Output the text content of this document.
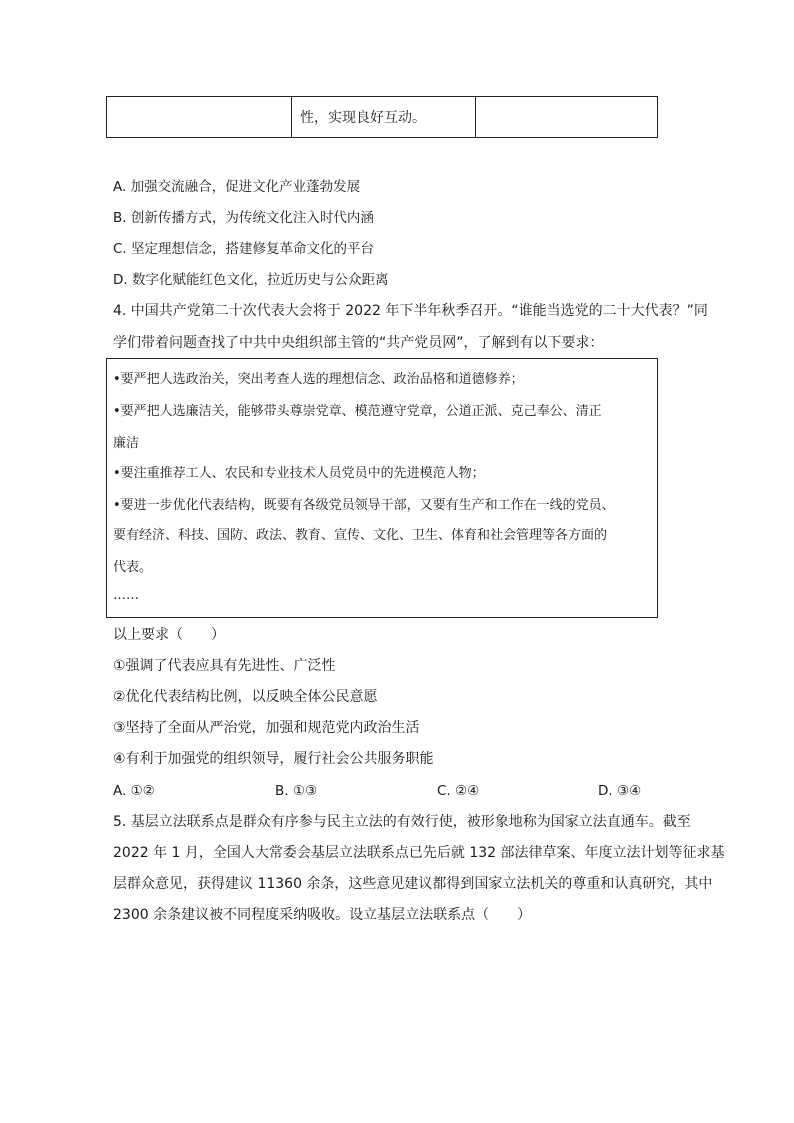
	性，实现良好互动。	
A. 加强交流融合，促进文化产业蓬勃发展
B. 创新传播方式，为传统文化注入时代内涵
C. 坚定理想信念，搭建修复革命文化的平台
D. 数字化赋能红色文化，拉近历史与公众距离
4. 中国共产党第二十次代表大会将于 2022 年下半年秋季召开。“谁能当选党的二十大代表？”同
学们带着问题查找了中共中央组织部主管的“共产党员网”，了解到有以下要求：
•要严把人选政治关，突出考查人选的理想信念、政治品格和道德修养；
•要严把人选廉洁关，能够带头尊崇党章、模范遵守党章，公道正派、克己奉公、清正
廉洁
•要注重推荐工人、农民和专业技术人员党员中的先进模范人物；
•要进一步优化代表结构，既要有各级党员领导干部，又要有生产和工作在一线的党员、
要有经济、科技、国防、政法、教育、宣传、文化、卫生、体育和社会管理等各方面的
代表。
……
以上要求（　　）
①强调了代表应具有先进性、广泛性
②优化代表结构比例，以反映全体公民意愿
③坚持了全面从严治党，加强和规范党内政治生活
④有利于加强党的组织领导，履行社会公共服务职能
A. ①②	B. ①③	C. ②④	D. ③④
5. 基层立法联系点是群众有序参与民主立法的有效行使，被形象地称为国家立法直通车。截至
2022 年 1 月，全国人大常委会基层立法联系点已先后就 132 部法律草案、年度立法计划等征求基
层群众意见，获得建议 11360 余条，这些意见建议都得到国家立法机关的尊重和认真研究，其中
2300 余条建议被不同程度采纳吸收。设立基层立法联系点（　　）
